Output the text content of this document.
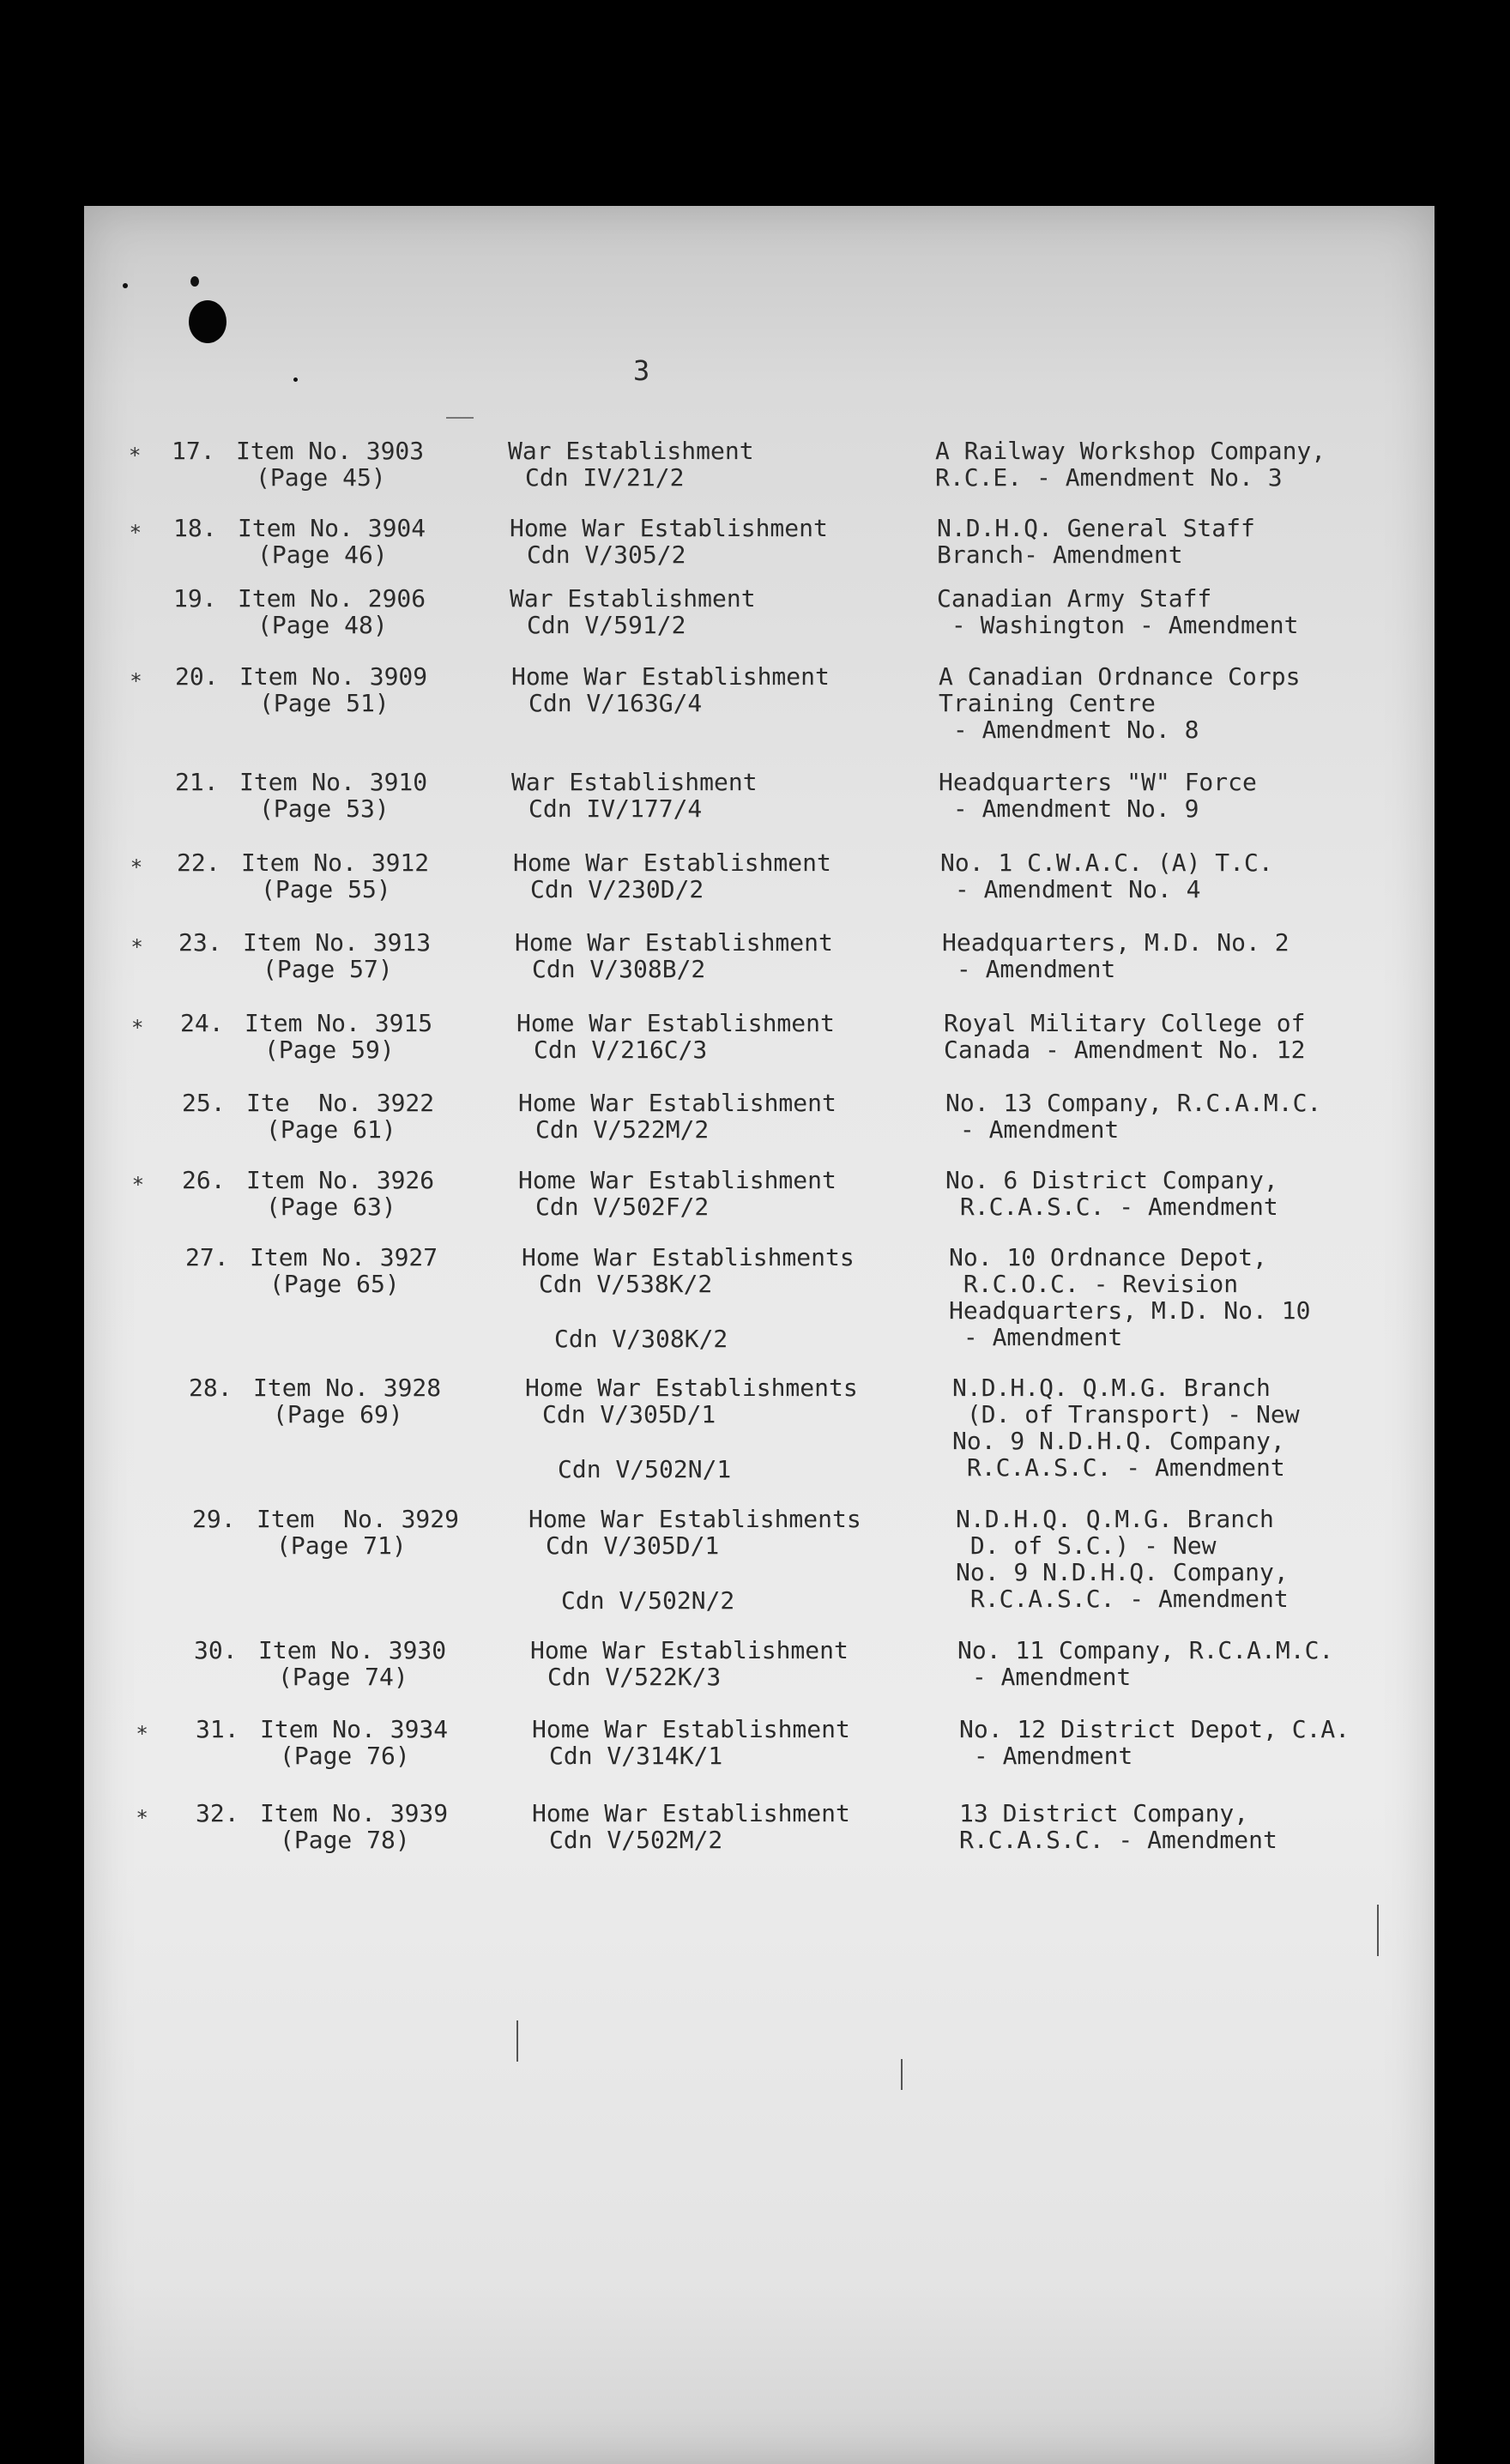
3
* 17. Item No. 3903
(Page 45)
War Establishment
Cdn IV/21/2
A Railway Workshop Company,
R.C.E. - Amendment No. 3
* 18. Item No. 3904
(Page 46)
Home War Establishment
Cdn V/305/2
N.D.H.Q. General Staff
Branch- Amendment
19. Item No. 2906
(Page 48)
War Establishment
Cdn V/591/2
Canadian Army Staff
- Washington - Amendment
* 20. Item No. 3909
(Page 51)
Home War Establishment
Cdn V/163G/4
A Canadian Ordnance Corps
Training Centre
- Amendment No. 8
21. Item No. 3910
(Page 53)
War Establishment
Cdn IV/177/4
Headquarters "W" Force
- Amendment No. 9
* 22. Item No. 3912
(Page 55)
Home War Establishment
Cdn V/230D/2
No. 1 C.W.A.C. (A) T.C.
- Amendment No. 4
* 23. Item No. 3913
(Page 57)
Home War Establishment
Cdn V/308B/2
Headquarters, M.D. No. 2
- Amendment
* 24. Item No. 3915
(Page 59)
Home War Establishment
Cdn V/216C/3
Royal Military College of
Canada - Amendment No. 12
25. Ite  No. 3922
(Page 61)
Home War Establishment
Cdn V/522M/2
No. 13 Company, R.C.A.M.C.
- Amendment
* 26. Item No. 3926
(Page 63)
Home War Establishment
Cdn V/502F/2
No. 6 District Company,
R.C.A.S.C. - Amendment
27. Item No. 3927
(Page 65)
Home War Establishments
Cdn V/538K/2
Cdn V/308K/2
No. 10 Ordnance Depot,
R.C.O.C. - Revision
Headquarters, M.D. No. 10
- Amendment
28. Item No. 3928
(Page 69)
Home War Establishments
Cdn V/305D/1
Cdn V/502N/1
N.D.H.Q. Q.M.G. Branch
(D. of Transport) - New
No. 9 N.D.H.Q. Company,
R.C.A.S.C. - Amendment
29. Item  No. 3929
(Page 71)
Home War Establishments
Cdn V/305D/1
Cdn V/502N/2
N.D.H.Q. Q.M.G. Branch
D. of S.C.) - New
No. 9 N.D.H.Q. Company,
R.C.A.S.C. - Amendment
30. Item No. 3930
(Page 74)
Home War Establishment
Cdn V/522K/3
No. 11 Company, R.C.A.M.C.
- Amendment
* 31. Item No. 3934
(Page 76)
Home War Establishment
Cdn V/314K/1
No. 12 District Depot, C.A.
- Amendment
* 32. Item No. 3939
(Page 78)
Home War Establishment
Cdn V/502M/2
13 District Company,
R.C.A.S.C. - Amendment
